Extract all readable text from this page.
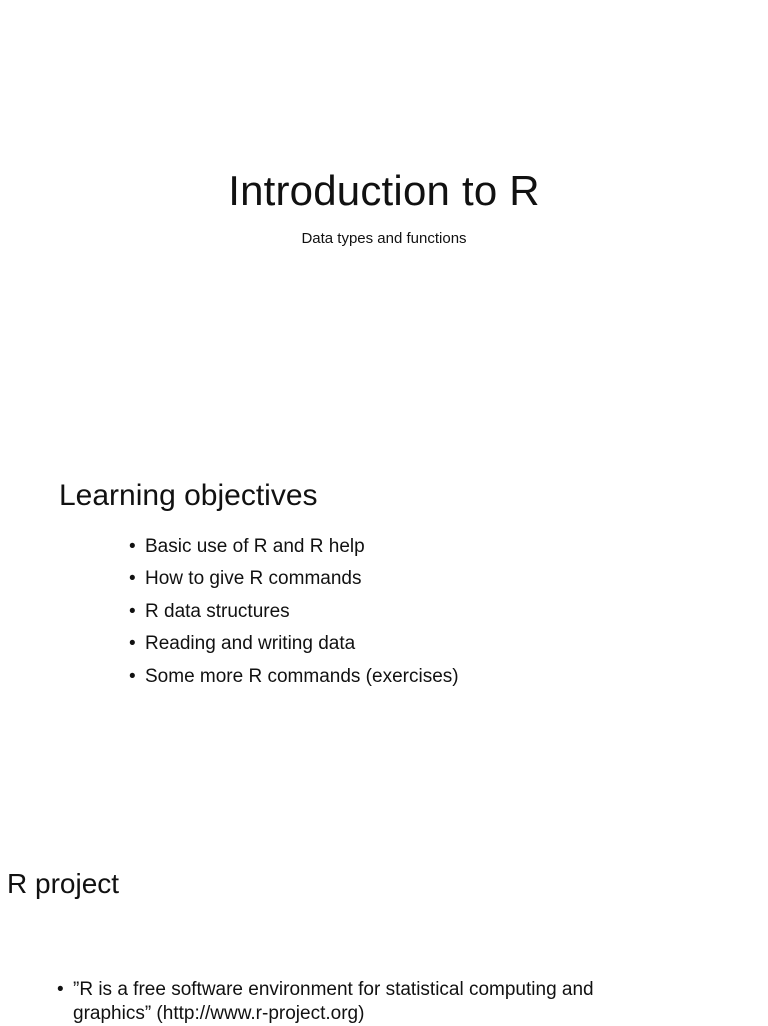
Introduction to R
Data types and functions
Learning objectives
• Basic use of R and R help
• How to give R commands
• R data structures
• Reading and writing data
• Some more R commands (exercises)
R project
• ”R is a free software environment for statistical computing and
graphics” (http://www.r-project.org)
